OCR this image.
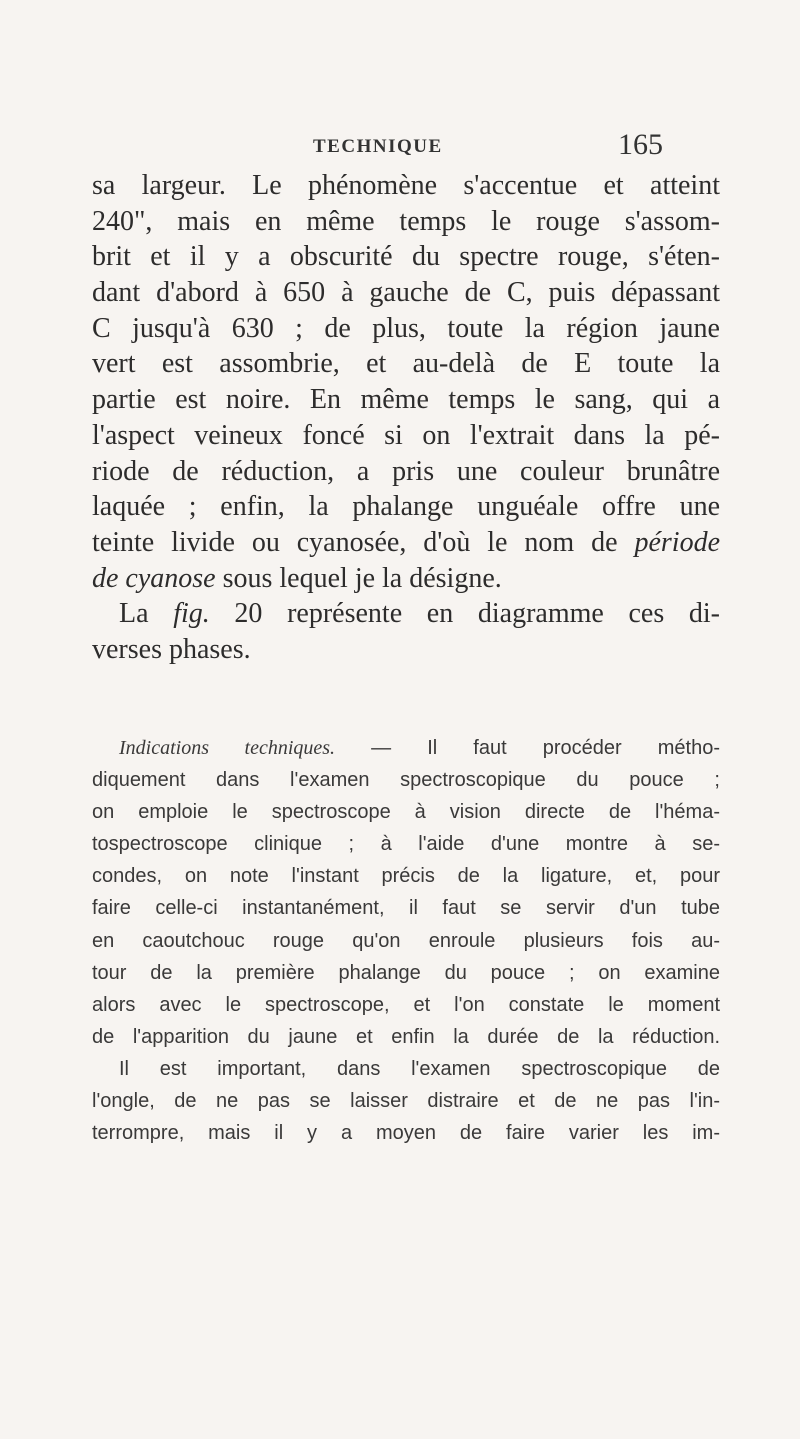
TECHNIQUE	165
sa largeur. Le phénomène s'accentue et atteint
240", mais en même temps le rouge s'assom-
brit et il y a obscurité du spectre rouge, s'éten-
dant d'abord à 650 à gauche de C, puis dépassant
C jusqu'à 630 ; de plus, toute la région jaune
vert est assombrie, et au-delà de E toute la
partie est noire. En même temps le sang, qui a
l'aspect veineux foncé si on l'extrait dans la pé-
riode de réduction, a pris une couleur brunâtre
laquée ; enfin, la phalange unguéale offre une
teinte livide ou cyanosée, d'où le nom de période
de cyanose sous lequel je la désigne.
La fig. 20 représente en diagramme ces di-
verses phases.
Indications techniques. — Il faut procéder métho-
diquement dans l'examen spectroscopique du pouce ;
on emploie le spectroscope à vision directe de l'héma-
tospectroscope clinique ; à l'aide d'une montre à se-
condes, on note l'instant précis de la ligature, et, pour
faire celle-ci instantanément, il faut se servir d'un tube
en caoutchouc rouge qu'on enroule plusieurs fois au-
tour de la première phalange du pouce ; on examine
alors avec le spectroscope, et l'on constate le moment
de l'apparition du jaune et enfin la durée de la réduction.
Il est important, dans l'examen spectroscopique de
l'ongle, de ne pas se laisser distraire et de ne pas l'in-
terrompre, mais il y a moyen de faire varier les im-
